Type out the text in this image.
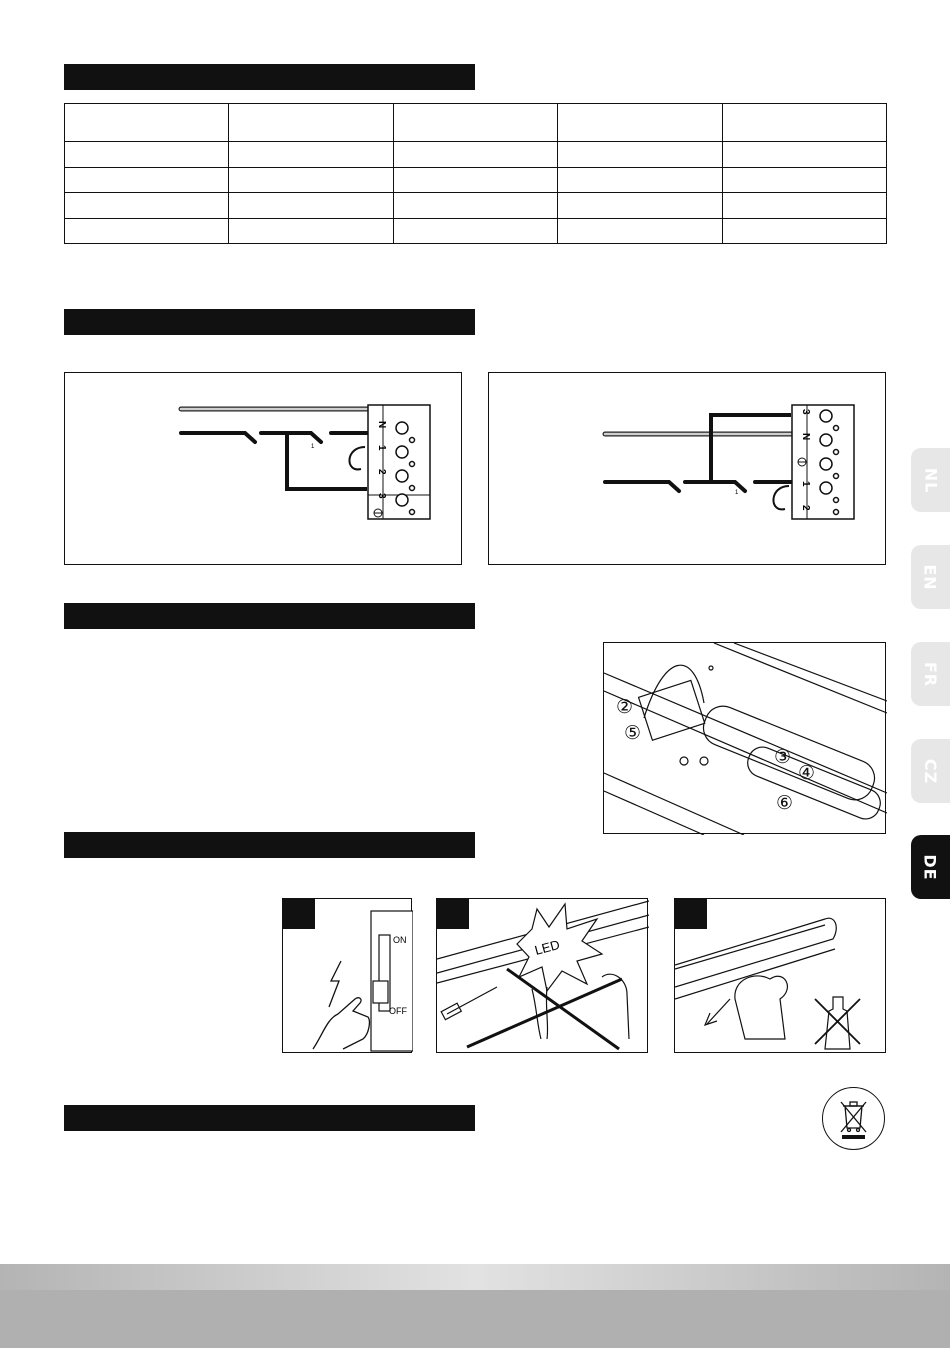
1
N
1
2
3	1
3
N
1
2
②
⑤
③
④
⑥
ON
OFF
LED
NL
EN
FR
CZ
DE
